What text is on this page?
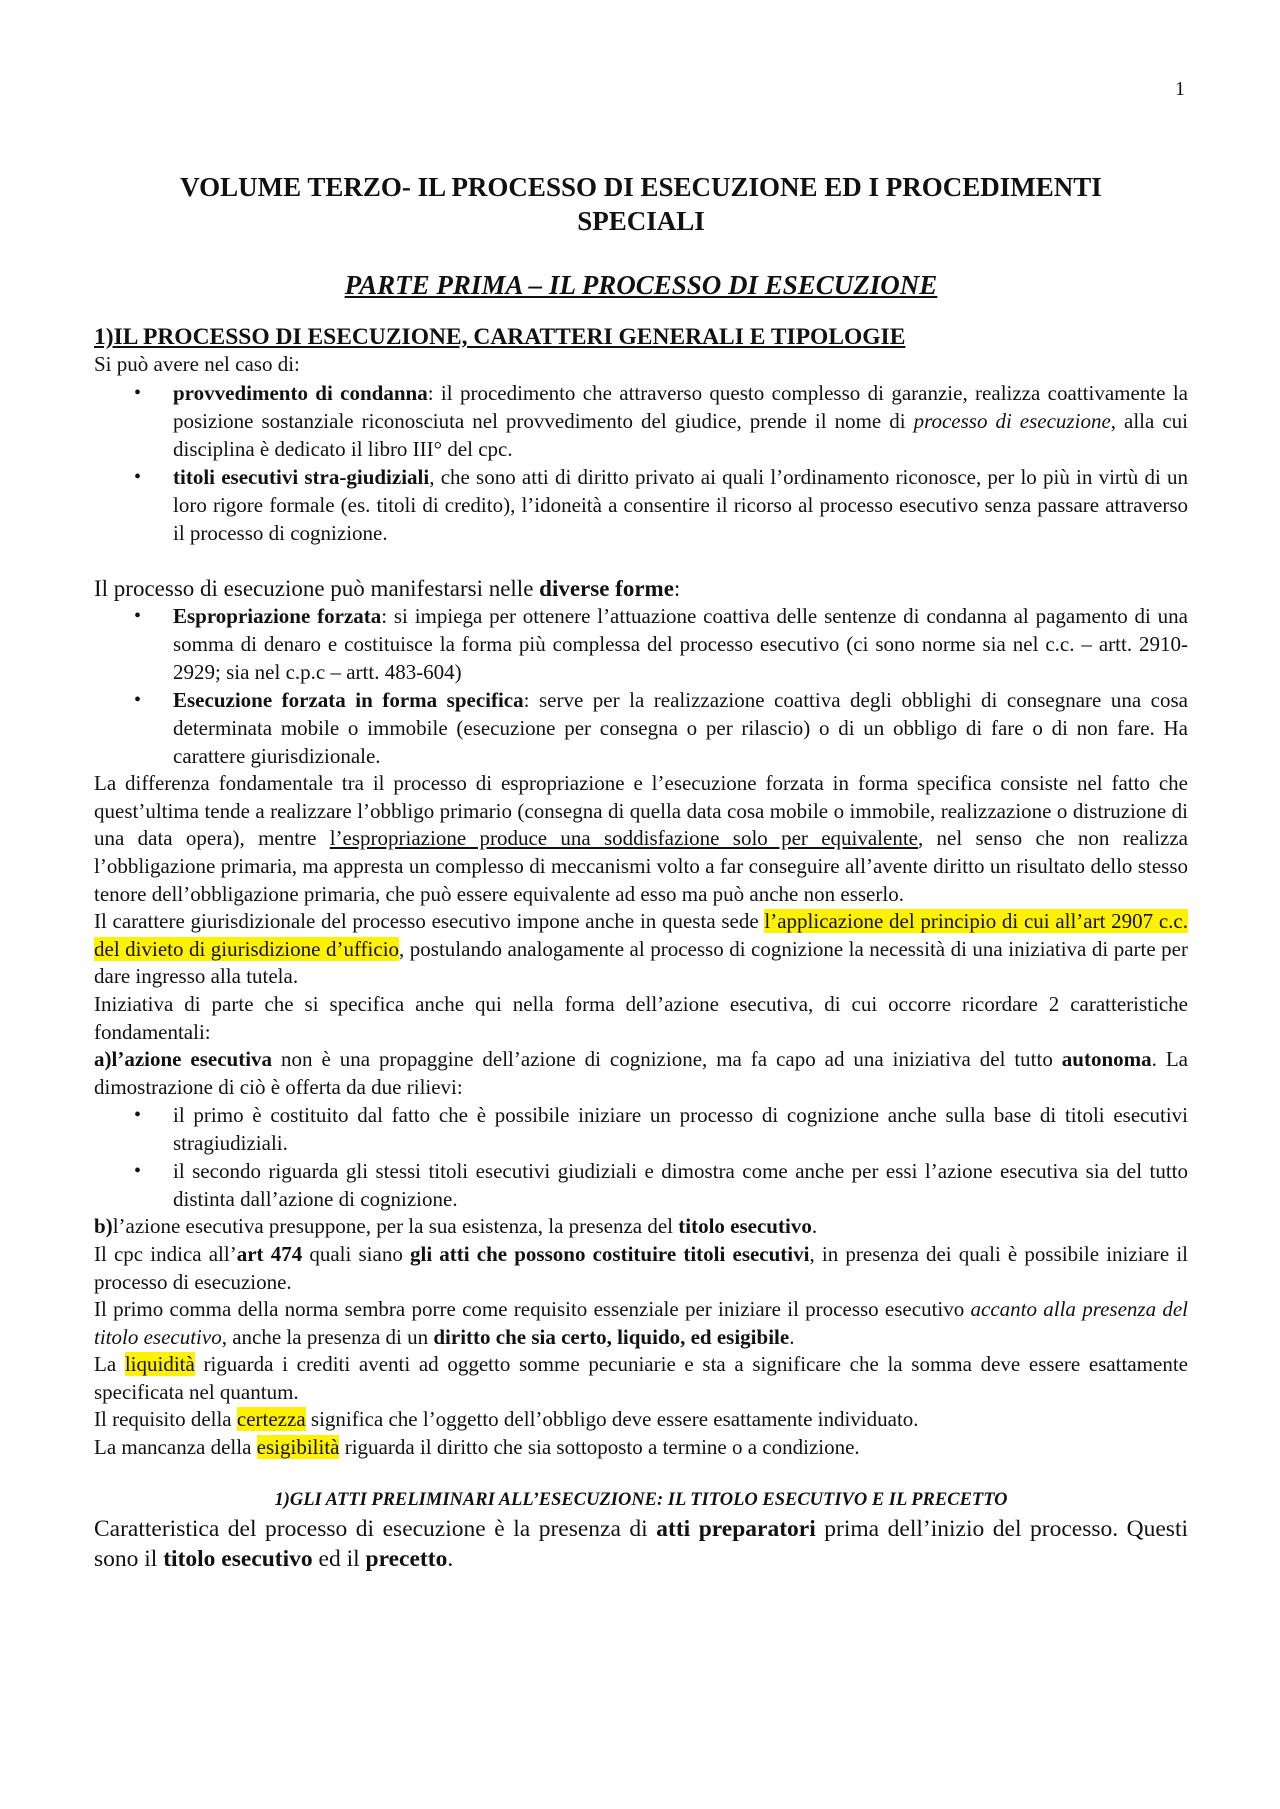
1
VOLUME TERZO- IL PROCESSO DI ESECUZIONE ED I PROCEDIMENTI
SPECIALI
PARTE PRIMA – IL PROCESSO DI ESECUZIONE
1)IL PROCESSO DI ESECUZIONE, CARATTERI GENERALI E TIPOLOGIE

Si può avere nel caso di:

• provvedimento di condanna: il procedimento che attraverso questo complesso di garanzie, realizza coattivamente la posizione sostanziale riconosciuta nel provvedimento del giudice, prende il nome di processo di esecuzione, alla cui disciplina è dedicato il libro III° del cpc.
• titoli esecutivi stra-giudiziali, che sono atti di diritto privato ai quali l’ordinamento riconosce, per lo più in virtù di un loro rigore formale (es. titoli di credito), l’idoneità a consentire il ricorso al processo esecutivo senza passare attraverso il processo di cognizione.

Il processo di esecuzione può manifestarsi nelle diverse forme:

• Espropriazione forzata: si impiega per ottenere l’attuazione coattiva delle sentenze di condanna al pagamento di una somma di denaro e costituisce la forma più complessa del processo esecutivo (ci sono norme sia nel c.c. – artt. 2910-2929; sia nel c.p.c – artt. 483-604)
• Esecuzione forzata in forma specifica: serve per la realizzazione coattiva degli obblighi di consegnare una cosa determinata mobile o immobile (esecuzione per consegna o per rilascio) o di un obbligo di fare o di non fare. Ha carattere giurisdizionale.

La differenza fondamentale tra il processo di espropriazione e l’esecuzione forzata in forma specifica consiste nel fatto che quest’ultima tende a realizzare l’obbligo primario (consegna di quella data cosa mobile o immobile, realizzazione o distruzione di una data opera), mentre l’espropriazione produce una soddisfazione solo per equivalente, nel senso che non realizza l’obbligazione primaria, ma appresta un complesso di meccanismi volto a far conseguire all’avente diritto un risultato dello stesso tenore dell’obbligazione primaria, che può essere equivalente ad esso ma può anche non esserlo.

Il carattere giurisdizionale del processo esecutivo impone anche in questa sede l’applicazione del principio di cui all’art 2907 c.c. del divieto di giurisdizione d’ufficio, postulando analogamente al processo di cognizione la necessità di una iniziativa di parte per dare ingresso alla tutela.

Iniziativa di parte che si specifica anche qui nella forma dell’azione esecutiva, di cui occorre ricordare 2 caratteristiche fondamentali:

a)l’azione esecutiva non è una propaggine dell’azione di cognizione, ma fa capo ad una iniziativa del tutto autonoma. La dimostrazione di ciò è offerta da due rilievi:

• il primo è costituito dal fatto che è possibile iniziare un processo di cognizione anche sulla base di titoli esecutivi stragiudiziali.
• il secondo riguarda gli stessi titoli esecutivi giudiziali e dimostra come anche per essi l’azione esecutiva sia del tutto distinta dall’azione di cognizione.

b)l’azione esecutiva presuppone, per la sua esistenza, la presenza del titolo esecutivo.

Il cpc indica all’art 474 quali siano gli atti che possono costituire titoli esecutivi, in presenza dei quali è possibile iniziare il processo di esecuzione.

Il primo comma della norma sembra porre come requisito essenziale per iniziare il processo esecutivo accanto alla presenza del titolo esecutivo, anche la presenza di un diritto che sia certo, liquido, ed esigibile.

La liquidità riguarda i crediti aventi ad oggetto somme pecuniarie e sta a significare che la somma deve essere esattamente specificata nel quantum.

Il requisito della certezza significa che l’oggetto dell’obbligo deve essere esattamente individuato.

La mancanza della esigibilità riguarda il diritto che sia sottoposto a termine o a condizione.

1)GLI ATTI PRELIMINARI ALL’ESECUZIONE: IL TITOLO ESECUTIVO E IL PRECETTO

Caratteristica del processo di esecuzione è la presenza di atti preparatori prima dell’inizio del processo. Questi sono il titolo esecutivo ed il precetto.
